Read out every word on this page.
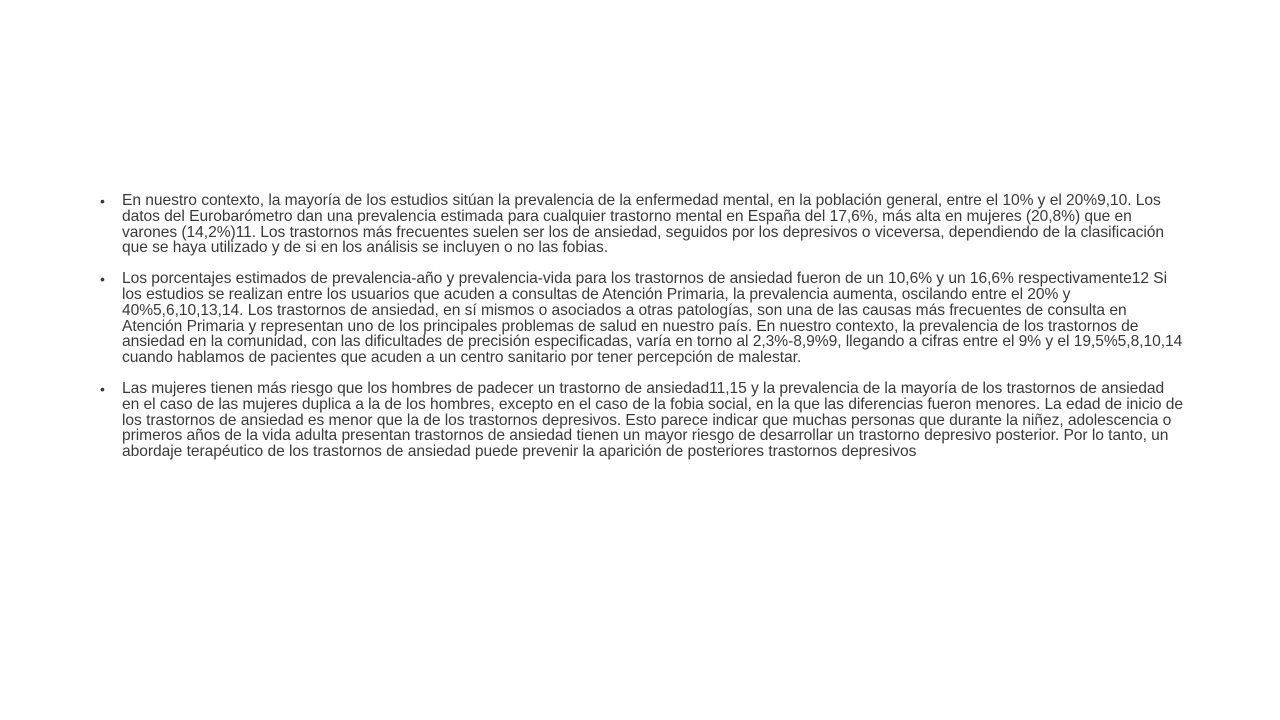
• En nuestro contexto, la mayoría de los estudios sitúan la prevalencia de la enfermedad mental, en la población general, entre el 10% y el 20%9,10. Los datos del Eurobarómetro dan una prevalencia estimada para cualquier trastorno mental en España del 17,6%, más alta en mujeres (20,8%) que en varones (14,2%)11. Los trastornos más frecuentes suelen ser los de ansiedad, seguidos por los depresivos o viceversa, dependiendo de la clasificación que se haya utilizado y de si en los análisis se incluyen o no las fobias.
• Los porcentajes estimados de prevalencia-año y prevalencia-vida para los trastornos de ansiedad fueron de un 10,6% y un 16,6% respectivamente12 Si los estudios se realizan entre los usuarios que acuden a consultas de Atención Primaria, la prevalencia aumenta, oscilando entre el 20% y 40%5,6,10,13,14. Los trastornos de ansiedad, en sí mismos o asociados a otras patologías, son una de las causas más frecuentes de consulta en Atención Primaria y representan uno de los principales problemas de salud en nuestro país. En nuestro contexto, la prevalencia de los trastornos de ansiedad en la comunidad, con las dificultades de precisión especificadas, varía en torno al 2,3%-8,9%9, llegando a cifras entre el 9% y el 19,5%5,8,10,14 cuando hablamos de pacientes que acuden a un centro sanitario por tener percepción de malestar.
• Las mujeres tienen más riesgo que los hombres de padecer un trastorno de ansiedad11,15 y la prevalencia de la mayoría de los trastornos de ansiedad en el caso de las mujeres duplica a la de los hombres, excepto en el caso de la fobia social, en la que las diferencias fueron menores. La edad de inicio de los trastornos de ansiedad es menor que la de los trastornos depresivos. Esto parece indicar que muchas personas que durante la niñez, adolescencia o primeros años de la vida adulta presentan trastornos de ansiedad tienen un mayor riesgo de desarrollar un trastorno depresivo posterior. Por lo tanto, un abordaje terapéutico de los trastornos de ansiedad puede prevenir la aparición de posteriores trastornos depresivos
